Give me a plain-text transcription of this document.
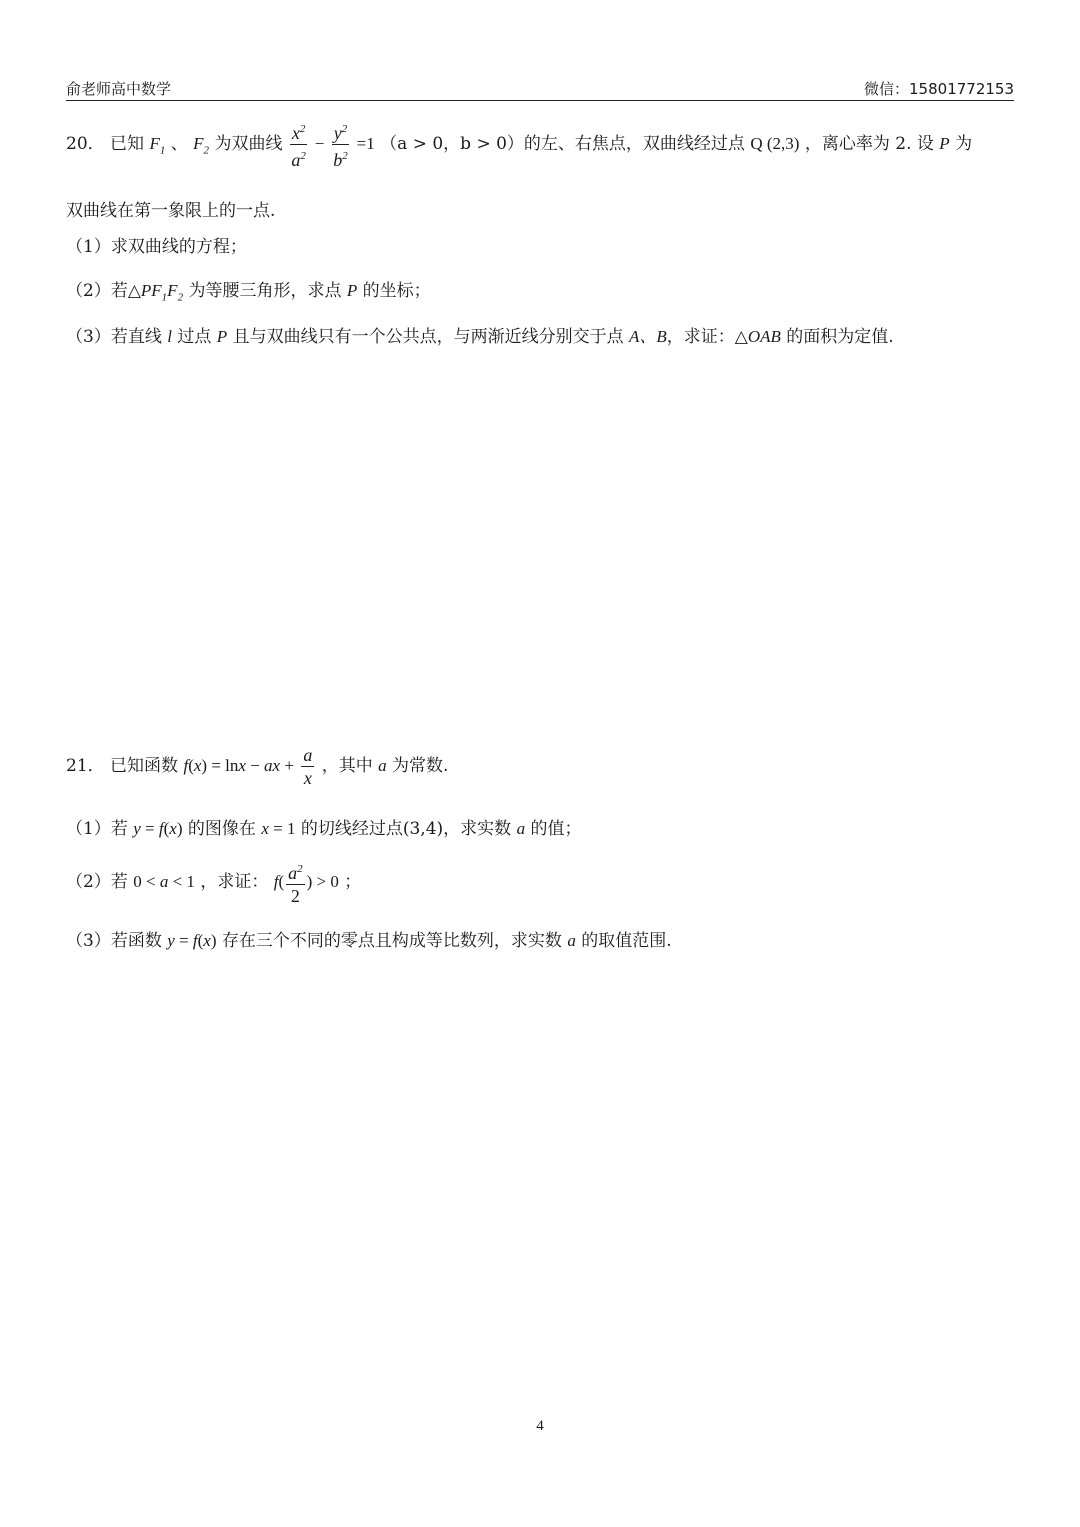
俞老师高中数学	微信：15801772153
20． 已知 $F_1$ 、 $F_2$ 为双曲线 $\frac{x^2}{a^2} - \frac{y^2}{b^2} =1$ （a > 0，b > 0）的左、右焦点，双曲线经过点 Q (2,3) ，离心率为 2. 设 P 为
双曲线在第一象限上的一点.
（1）求双曲线的方程；
（2）若$\triangle PF_1F_2$ 为等腰三角形，求点 P 的坐标；
（3）若直线 l 过点 P 且与双曲线只有一个公共点，与两渐近线分别交于点 A、B，求证：△OAB 的面积为定值.
21． 已知函数 f(x) = lnx − ax + $\frac{a}{x}$ ，其中 a 为常数.
（1）若 y = f(x) 的图像在 x = 1 的切线经过点(3,4)，求实数 a 的值；
（2）若 0 < a < 1 ，求证： $f( \frac{a^2}{2}$ ) > 0 ；
（3）若函数 y = f(x) 存在三个不同的零点且构成等比数列，求实数 a 的取值范围.
4
